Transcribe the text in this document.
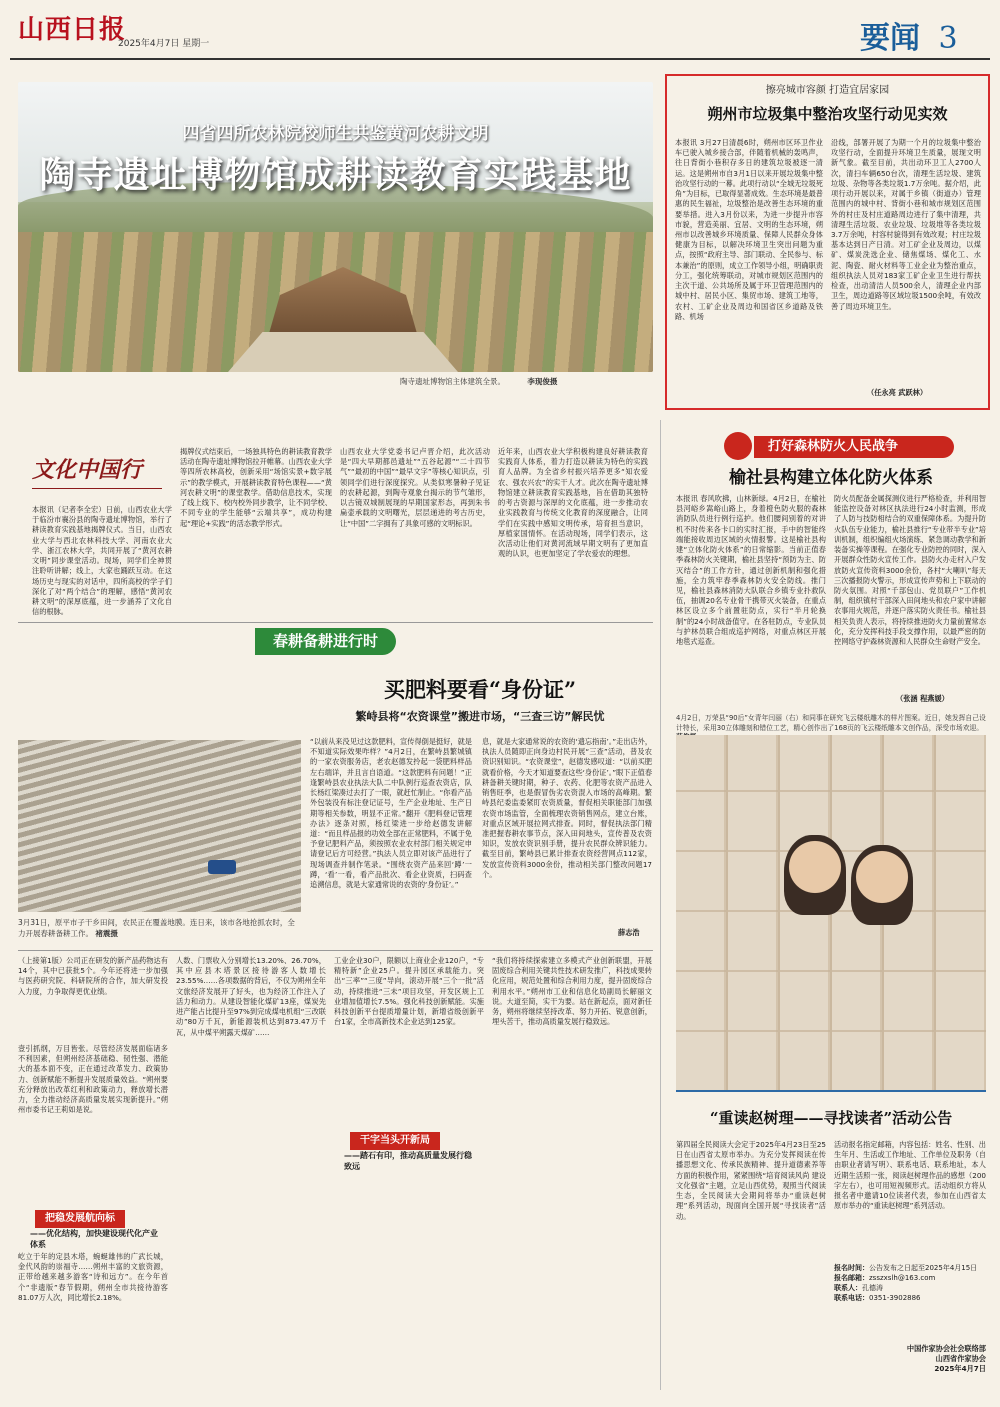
山西日报
2025年4月7日 星期一	要闻 3
四省四所农林院校师生共鉴黄河农耕文明
陶寺遗址博物馆成耕读教育实践基地
陶寺遗址博物馆主体建筑全景。	李现俊摄
擦亮城市容颜 打造宜居家园
朔州市垃圾集中整治攻坚行动见实效
本报讯 3月27日清晨6时，朔州市区环卫作业车已驶入城乡接合部，伴随着机械的轰鸣声，往日背街小巷积存多日的建筑垃圾被逐一清运。这是朔州市自3月1日以来开展垃圾集中整治攻坚行动的一幕。此项行动以“全城无垃圾死角”为目标，已取得显著成效。生态环境是最普惠的民生福祉，垃圾整治是改善生态环境的重要举措。进入3月份以来，为进一步提升市容市貌，营造美丽、宜居、文明的生态环境，朔州市以改善城乡环境质量、保障人民群众身体健康为目标，以解决环境卫生突出问题为重点，按照“政府主导、部门联动、全民参与、标本兼治”的原则，成立工作领导小组，明确职责分工，强化统筹联动，对城市规划区范围内的主次干道、公共场所及属于环卫管理范围内的城中村、居民小区、集贸市场、建筑工地等，农村、工矿企业及周边和国省区乡道路及铁路、机场
沿线，部署开展了为期一个月的垃圾集中整治攻坚行动，全面提升环境卫生质量，展现文明新气象。截至目前，共出动环卫工人2700人次，清扫车辆650台次，清理生活垃圾、建筑垃圾、杂物等各类垃圾1.7万余吨。据介绍，此项行动开展以来，对属于乡镇（街道办）管理范围内的城中村、背街小巷和城市规划区范围外的村庄及村庄道路周边进行了集中清理，共清理生活垃圾、农业垃圾、垃圾堆等各类垃圾3.7万余吨，村容村貌得到有效改观；村庄垃圾基本达到日产日清。对工矿企业及周边，以煤矿、煤炭洗选企业、储焦煤场、煤化工、水泥、陶瓷、耐火材料等工业企业为整治重点，组织执法人员对183家工矿企业卫生进行帮扶检查，出动清洁人员500余人，清理企业内部卫生，周边道路等区域垃圾1500余吨，有效改善了周边环境卫生。
（任永亮 武跃林）
文化中国行
本报讯（记者李全宏）日前，山西农业大学于临汾市襄汾县的陶寺遗址博物馆，举行了耕读教育实践基地揭牌仪式。当日，山西农业大学与西北农林科技大学、河南农业大学、浙江农林大学，共同开展了“黄河农耕文明”同步课堂活动。现场，同学们全神贯注聆听讲解；线上，大家也踊跃互动。在这场历史与现实的对话中，四所高校的学子们深化了对“两个结合”的理解，感悟“黄河农耕文明”的深厚底蕴，进一步涵养了文化自信的根脉。
揭牌仪式结束后，一场独具特色的耕读教育教学活动在陶寺遗址博物馆拉开帷幕。山西农业大学等四所农林高校，创新采用“场馆实景+数字展示”的教学模式，开展耕读教育特色课程——“黄河农耕文明”的课堂教学。借助信息技术，实现了线上线下、校内校外同步教学，让不同学校、不同专业的学生能够“云端共享”，成功构建起“理论+实践”的活态教学形式。
山西农业大学党委书记卢晋介绍，此次活动是“四大早期都邑遗址”“五谷起源”“二十四节气”“最初的中国”“最早文字”等核心知识点，引领同学们进行深度探究。从类似寒暑种子见证的农耕起源，到陶寺观象台揭示的节气雏形，以古镜双城制展现的早期国家形态，再到朱书扁壶承载的文明曙光，层层递进的考古历史，让“中国”二字拥有了具象可感的文明标识。
近年来，山西农业大学积极构建良好耕读教育实践育人体系，着力打造以耕读为特色的实践育人品牌。为全省乡村振兴培养更多“知农爱农、强农兴农”的实干人才。此次在陶寺遗址博物馆建立耕读教育实践基地，旨在借助其独特的考古资源与深厚的文化底蕴，进一步推动农业实践教育与传统文化教育的深度融合，让同学们在实践中感知文明传承，培育担当意识，厚植家国情怀。在活动现场，同学们表示，这次活动让他们对黄河流域早期文明有了更加直观的认识，也更加坚定了学农爱农的理想。
春耕备耕进行时
3月31日，原平市子干乡田间，农民正在覆盖地膜。连日来，该市各地抢抓农时，全力开展春耕备耕工作。 褚震摄
买肥料要看“身份证”
繁峙县将“农资课堂”搬进市场，“三查三访”解民忧
“以前从来没见过这款肥料，宣传得倒是挺好，就是不知道实际效果咋样？”4月2日，在繁峙县繁城镇的一家农资服务店，老农赵德发拎起一袋肥料样品左右端详，并且言自语道。“这款肥料有问题！”正逢繁峙县农业执法大队二中队例行巡查农资店，队长杨红梁凑过去打了一眼，就赶忙制止。“你看产品外包装没有标注登记证号，生产企业地址、生产日期等相关参数，明显不正常。”翻开《肥料登记管理办法》逐条对照，杨红梁进一步给赵德发讲解道：“而且样品报的功效全部在正常肥料，不属于免予登记肥料产品，须按照农业农村部门相关规定申请登记后方可经营。”执法人员立即对该产品进行了现场调查并制作笔录。“围绕农资产品来回‘蹲’一蹲，‘看’一看，看产品批次、看企业资质，扫码查追溯信息，就是大家通常说的农资的‘身份证’。”
息，就是大家通常说的农资的‘遗忘指南’。”走出店外，执法人员随即正向身边村民开展“三查”活动，普及农资识别知识。“农资课堂”，赵德发感叹道：“以前买肥就看价格，今天才知道要查这些‘身份证’。”眼下正值春耕备耕关键时期，种子、农药、化肥等农资产品进入销售旺季，也是假冒伪劣农资混入市场的高峰期。繁峙县纪委监委紧盯农资质量，督促相关职能部门加强农资市场监管，全面梳理农资销售网点，建立台账，对重点区域开展拉网式排查。同时，督促执法部门精准把握春耕农事节点，深入田间地头，宣传普及农资知识，发放农资识别手册，提升农民群众辨识能力。截至目前，繁峙县已累计排查农资经营网点112家，发放宣传资料3000余份，推动相关部门整改问题17个。
薛志浩
打好森林防火人民战争
榆社县构建立体化防火体系
本报讯 春风吹拂，山林新绿。4月2日，在榆社县河峪乡嵩峪山路上，身着橙色防火服的森林消防队员进行例行巡护。他们腰间别着的对讲机不时传来各卡口的实时汇报，手中的智能终端能接收周边区域的火情报警。这是榆社县构建“立体化防火体系”的日常缩影。当前正值春季森林防火关键期，榆社县坚持“预防为主、防灭结合”的工作方针，通过创新机制和强化措施，全力筑牢春季森林防火安全防线。推门见，榆社县森林消防大队联合乡镇专业扑救队伍，抽调20名专业骨干携带灭火装备，在重点林区设立多个前置驻防点，实行“半月轮换制”的24小时战备值守。在各驻防点，专业队员与护林员联合组成巡护网络，对重点林区开展地毯式巡查。
防火员配备金属探测仪进行严格检查，并利用智能监控设备对林区执法进行24小时监测，形成了人防与技防相结合的双重保障体系。为提升防火队伍专业能力，榆社县推行“专业带半专业”培训机制，组织编组火场演练、紧急调动教学和新装备实操等课程。在强化专业防控的同时，深入开展群众性防火宣传工作。县防火办走村入户发放防火宣传资料3000余份，各村“大喇叭”每天三次播报防火警示，形成宣传声势和上下联动的防火氛围。对照“千部包山、党员联户”工作机制，组织镇村干部深入田间地头和农户家中讲解农事用火规范，并逐户落实防火责任书。榆社县相关负责人表示，将持续推进防火力量前置常态化，充分发挥科技手段支撑作用，以最严密的防控网络守护森林资源和人民群众生命财产安全。
（张涵 程燕媛）
4月2日，万荣县“90后”女青年闫丽（右）和同事在研究飞云楼纸雕木的样片图案。近日，她发挥自己设计特长，采用30立体雕刻和错位工艺，精心创作出了168页的飞云楼纸雕本文创作品，深受市场欢迎。
（上接第1版）公司正在研发的新产品药物达有14个，其中已获批5个。今年还将进一步加强与医药研究院、科研院所的合作，加大研发投入力度，力争取得更优业绩。
壹引抓纲，万目皆张。尽管经济发展面临诸多不利因素，但朔州经济基础稳、韧性强、潜能大的基本面不变，正在通过改革发力、政策协力、创新赋能不断提升发展质量效益。“朔州要充分释放出改革红利和政策动力，释放增长潜力，全力推动经济高质量发展实现新提升。”朔州市委书记王莉如是说。
把稳发展航向标
——优化结构，加快建设现代化产业体系
屹立于年的定县木塔，蜿蜒雄伟的广武长城，金代风韵的崇福寺……朔州丰富的文旅资源，正带给越来越多游客“诗和远方”。在今年首个“非遗版”春节假期，朔州全市共接待游客81.07万人次，同比增长2.18%。
人数、门票收入分别增长13.20%、26.70%，其中应县木塔景区接待游客人数增长23.55%……各项数据的背后，不仅为朔州全年文旅经济发展开了好头，也为经济工作注入了活力和动力。从建设智能化煤矿13座，煤炭先进产能占比提升至97%到完成煤电机组“三改联动”80万千瓦，新能源装机达到873.47万千瓦，从中煤平朔露天煤矿……
工业企业30户，限额以上商业企业120户，“专精特新”企业25户。提升园区承载能力。突出“三率”“三度”导向，滚动开展“三个一批”活动，持续推进“三未”项目攻坚，开发区规上工业增加值增长7.5%。强化科技创新赋能。实施科技创新平台提质增量计划，新增省级创新平台1家，全市高新技术企业达到125家。
干字当头开新局
——踏石有印，推动高质量发展行稳致远
“我们将持续探索建立多模式产业创新联盟，开展固废综合利用关键共性技术研发推广，科技成果转化应用，规范处置和综合利用力度，提升固废综合利用水平。”朔州市工业和信息化局副局长解丽文说。大道至简，实干为要。站在新起点，面对新任务，朔州将继续坚持改革、努力开拓、锐意创新，埋头苦干，推动高质量发展行稳致远。
“重读赵树理——寻找读者”活动公告
第四届全民阅读大会定于2025年4月23日至25日在山西省太原市举办。为充分发挥阅读在传播思想文化、传承民族精神、提升道德素养等方面的积极作用，紧紧围绕“培育阅读风尚 建设文化强省”主题，立足山西优势，观照当代阅读生态，全民阅读大会期间将举办“重读赵树理”系列活动，现面向全国开展“寻找读者”活动。
活动报名指定邮箱，内容包括：姓名、性别、出生年月、生活或工作地址、工作单位及职务（自由职业者请写明）、联系电话、联系地址，本人近期生活照一张，阅读赵树理作品的感想（200字左右），也可用短视频形式。活动组织方将从报名者中邀请10位读者代表，参加在山西省太原市举办的“重读赵树理”系列活动。
报名时间：公告发布之日起至2025年4月15日
报名邮箱：zsszxslh@163.com
联系人：孔德涛
联系电话：0351-3902886
中国作家协会社会联络部
山西省作家协会
2025年4月7日
